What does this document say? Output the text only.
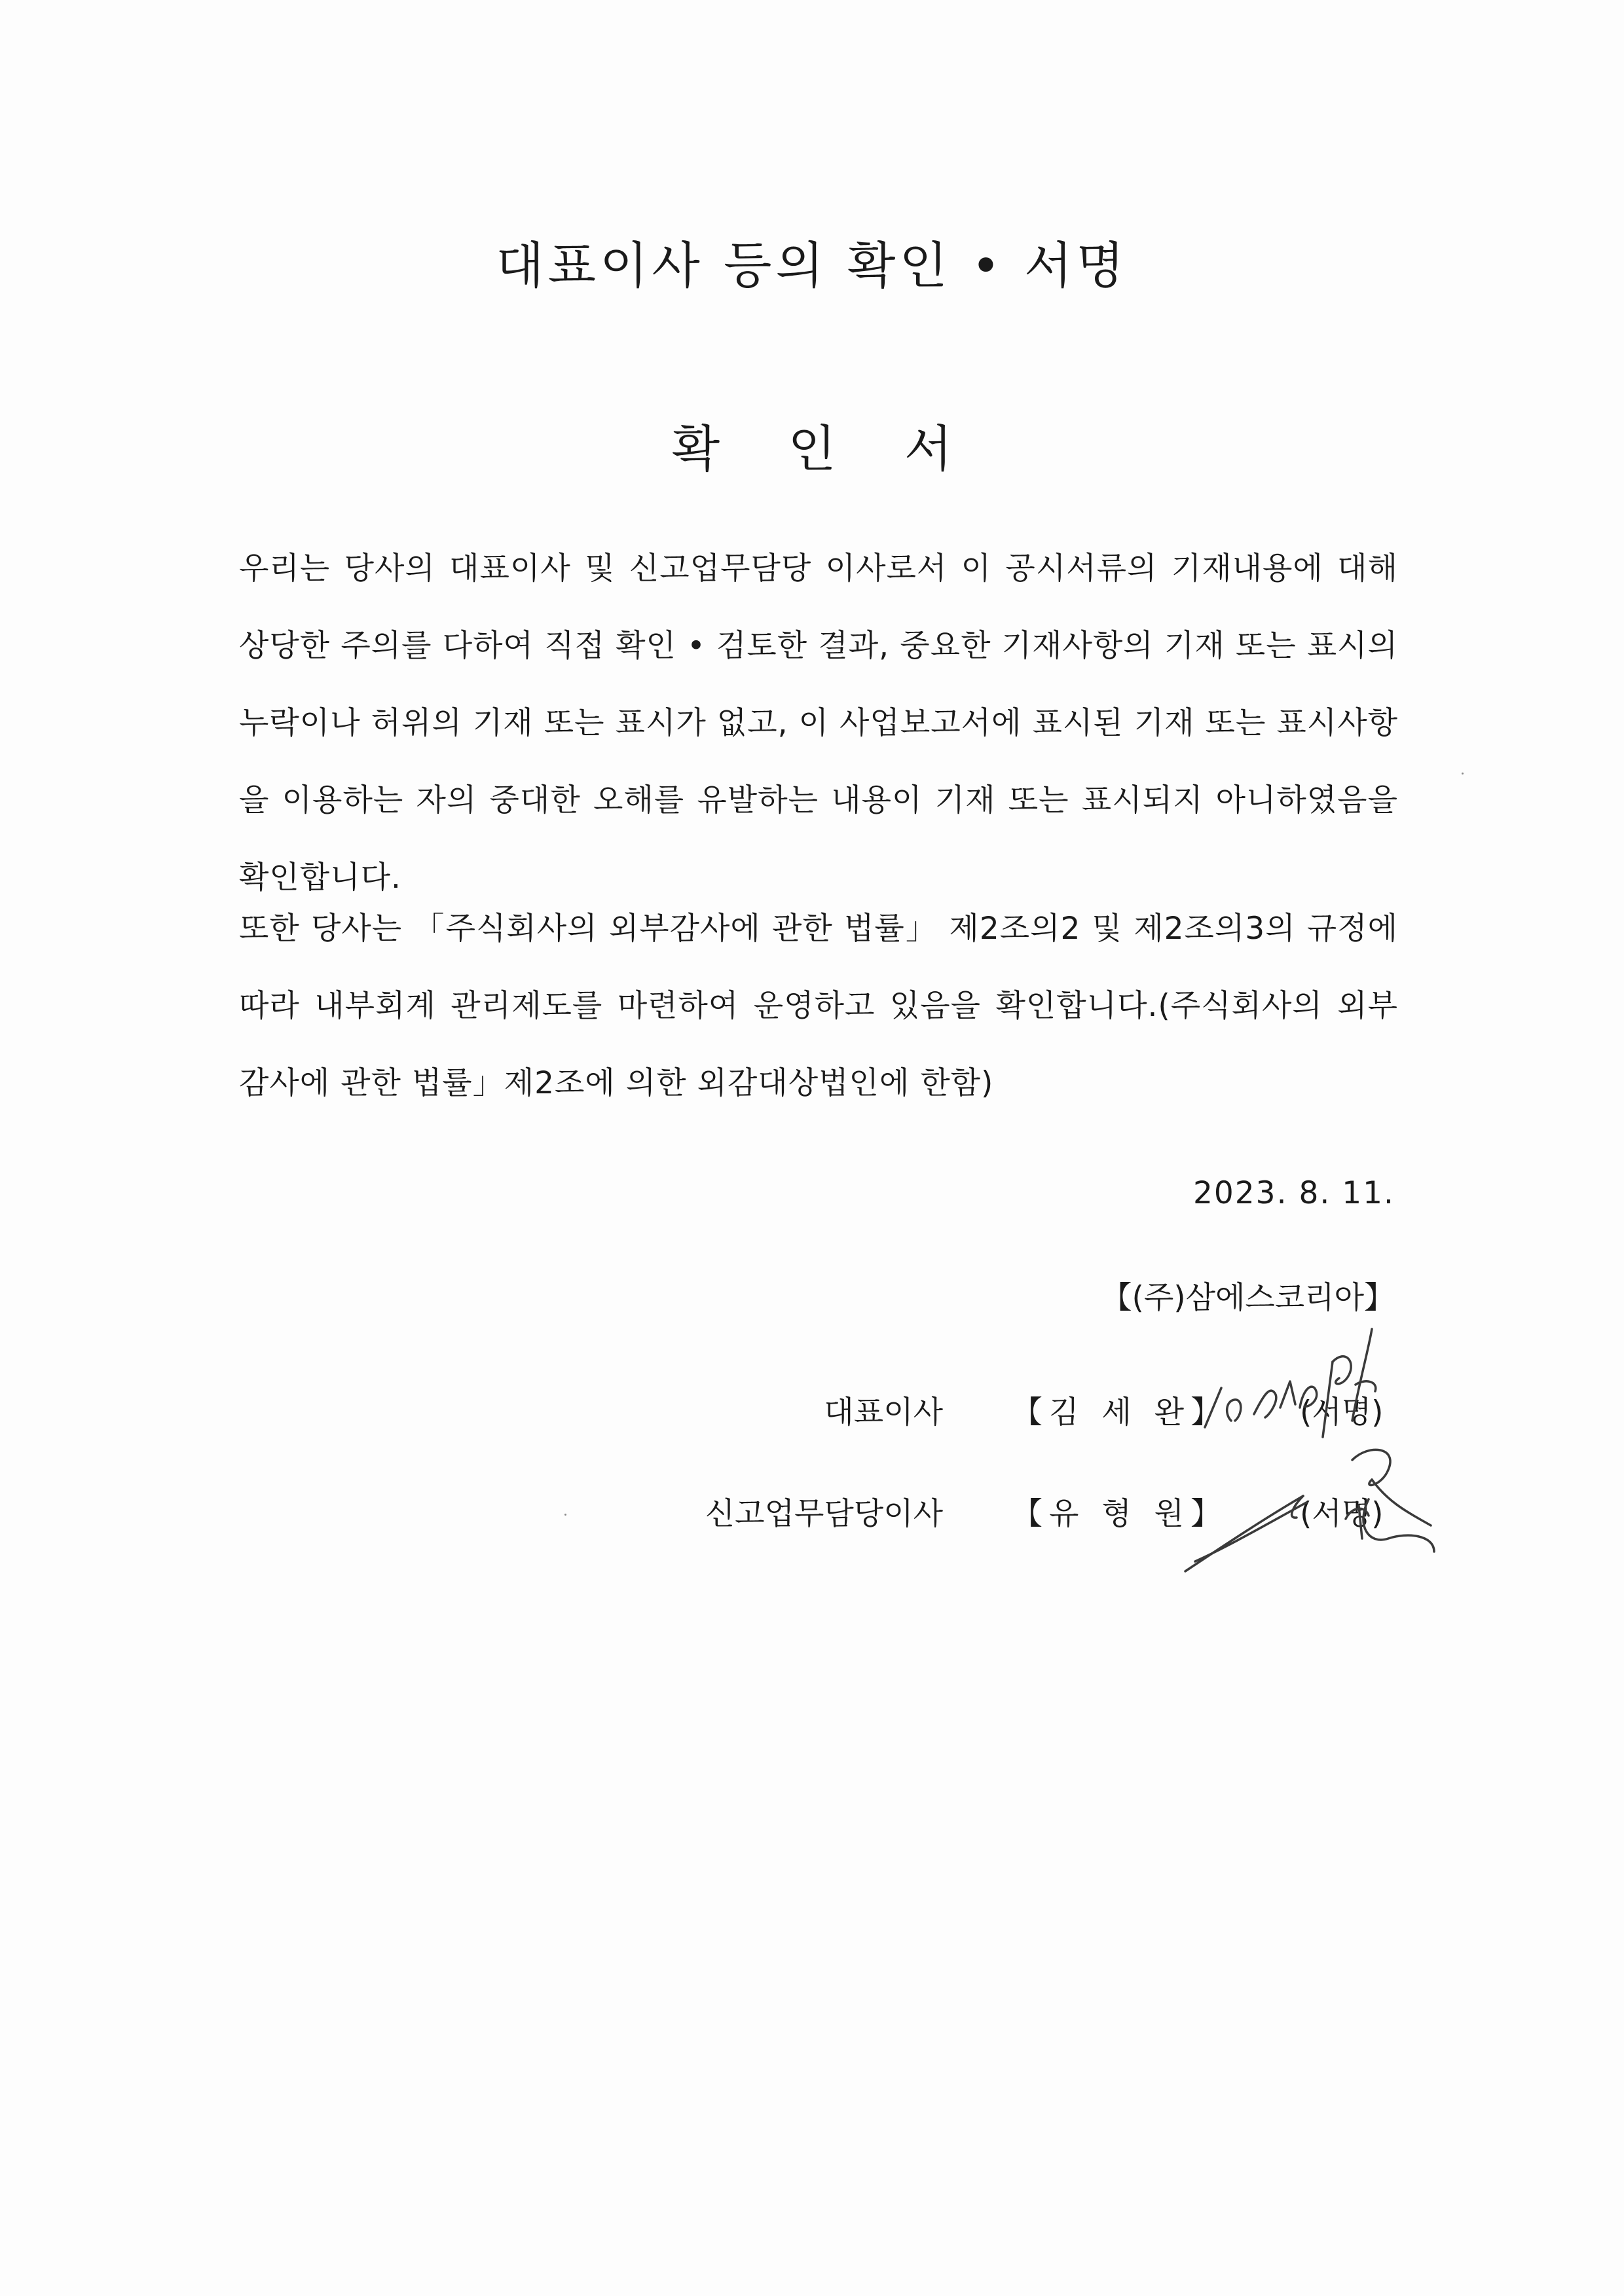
대표이사 등의 확인 • 서명
확 인 서
우리는 당사의 대표이사 및 신고업무담당 이사로서 이 공시서류의 기재내용에 대해 상당한 주의를 다하여 직접 확인 • 검토한 결과, 중요한 기재사항의 기재 또는 표시의 누락이나 허위의 기재 또는 표시가 없고, 이 사업보고서에 표시된 기재 또는 표시사항을 이용하는 자의 중대한 오해를 유발하는 내용이 기재 또는 표시되지 아니하였음을 확인합니다.
또한 당사는 「주식회사의 외부감사에 관한 법률」 제2조의2 및 제2조의3의 규정에 따라 내부회계 관리제도를 마련하여 운영하고 있음을 확인합니다.(주식회사의 외부감사에 관한 법률」제2조에 의한 외감대상법인에 한함)
2023. 8. 11.
【(주)삼에스코리아】
대표이사 【김 세 완】 (서명)
신고업무담당이사 【유 형 원】 (서명)
